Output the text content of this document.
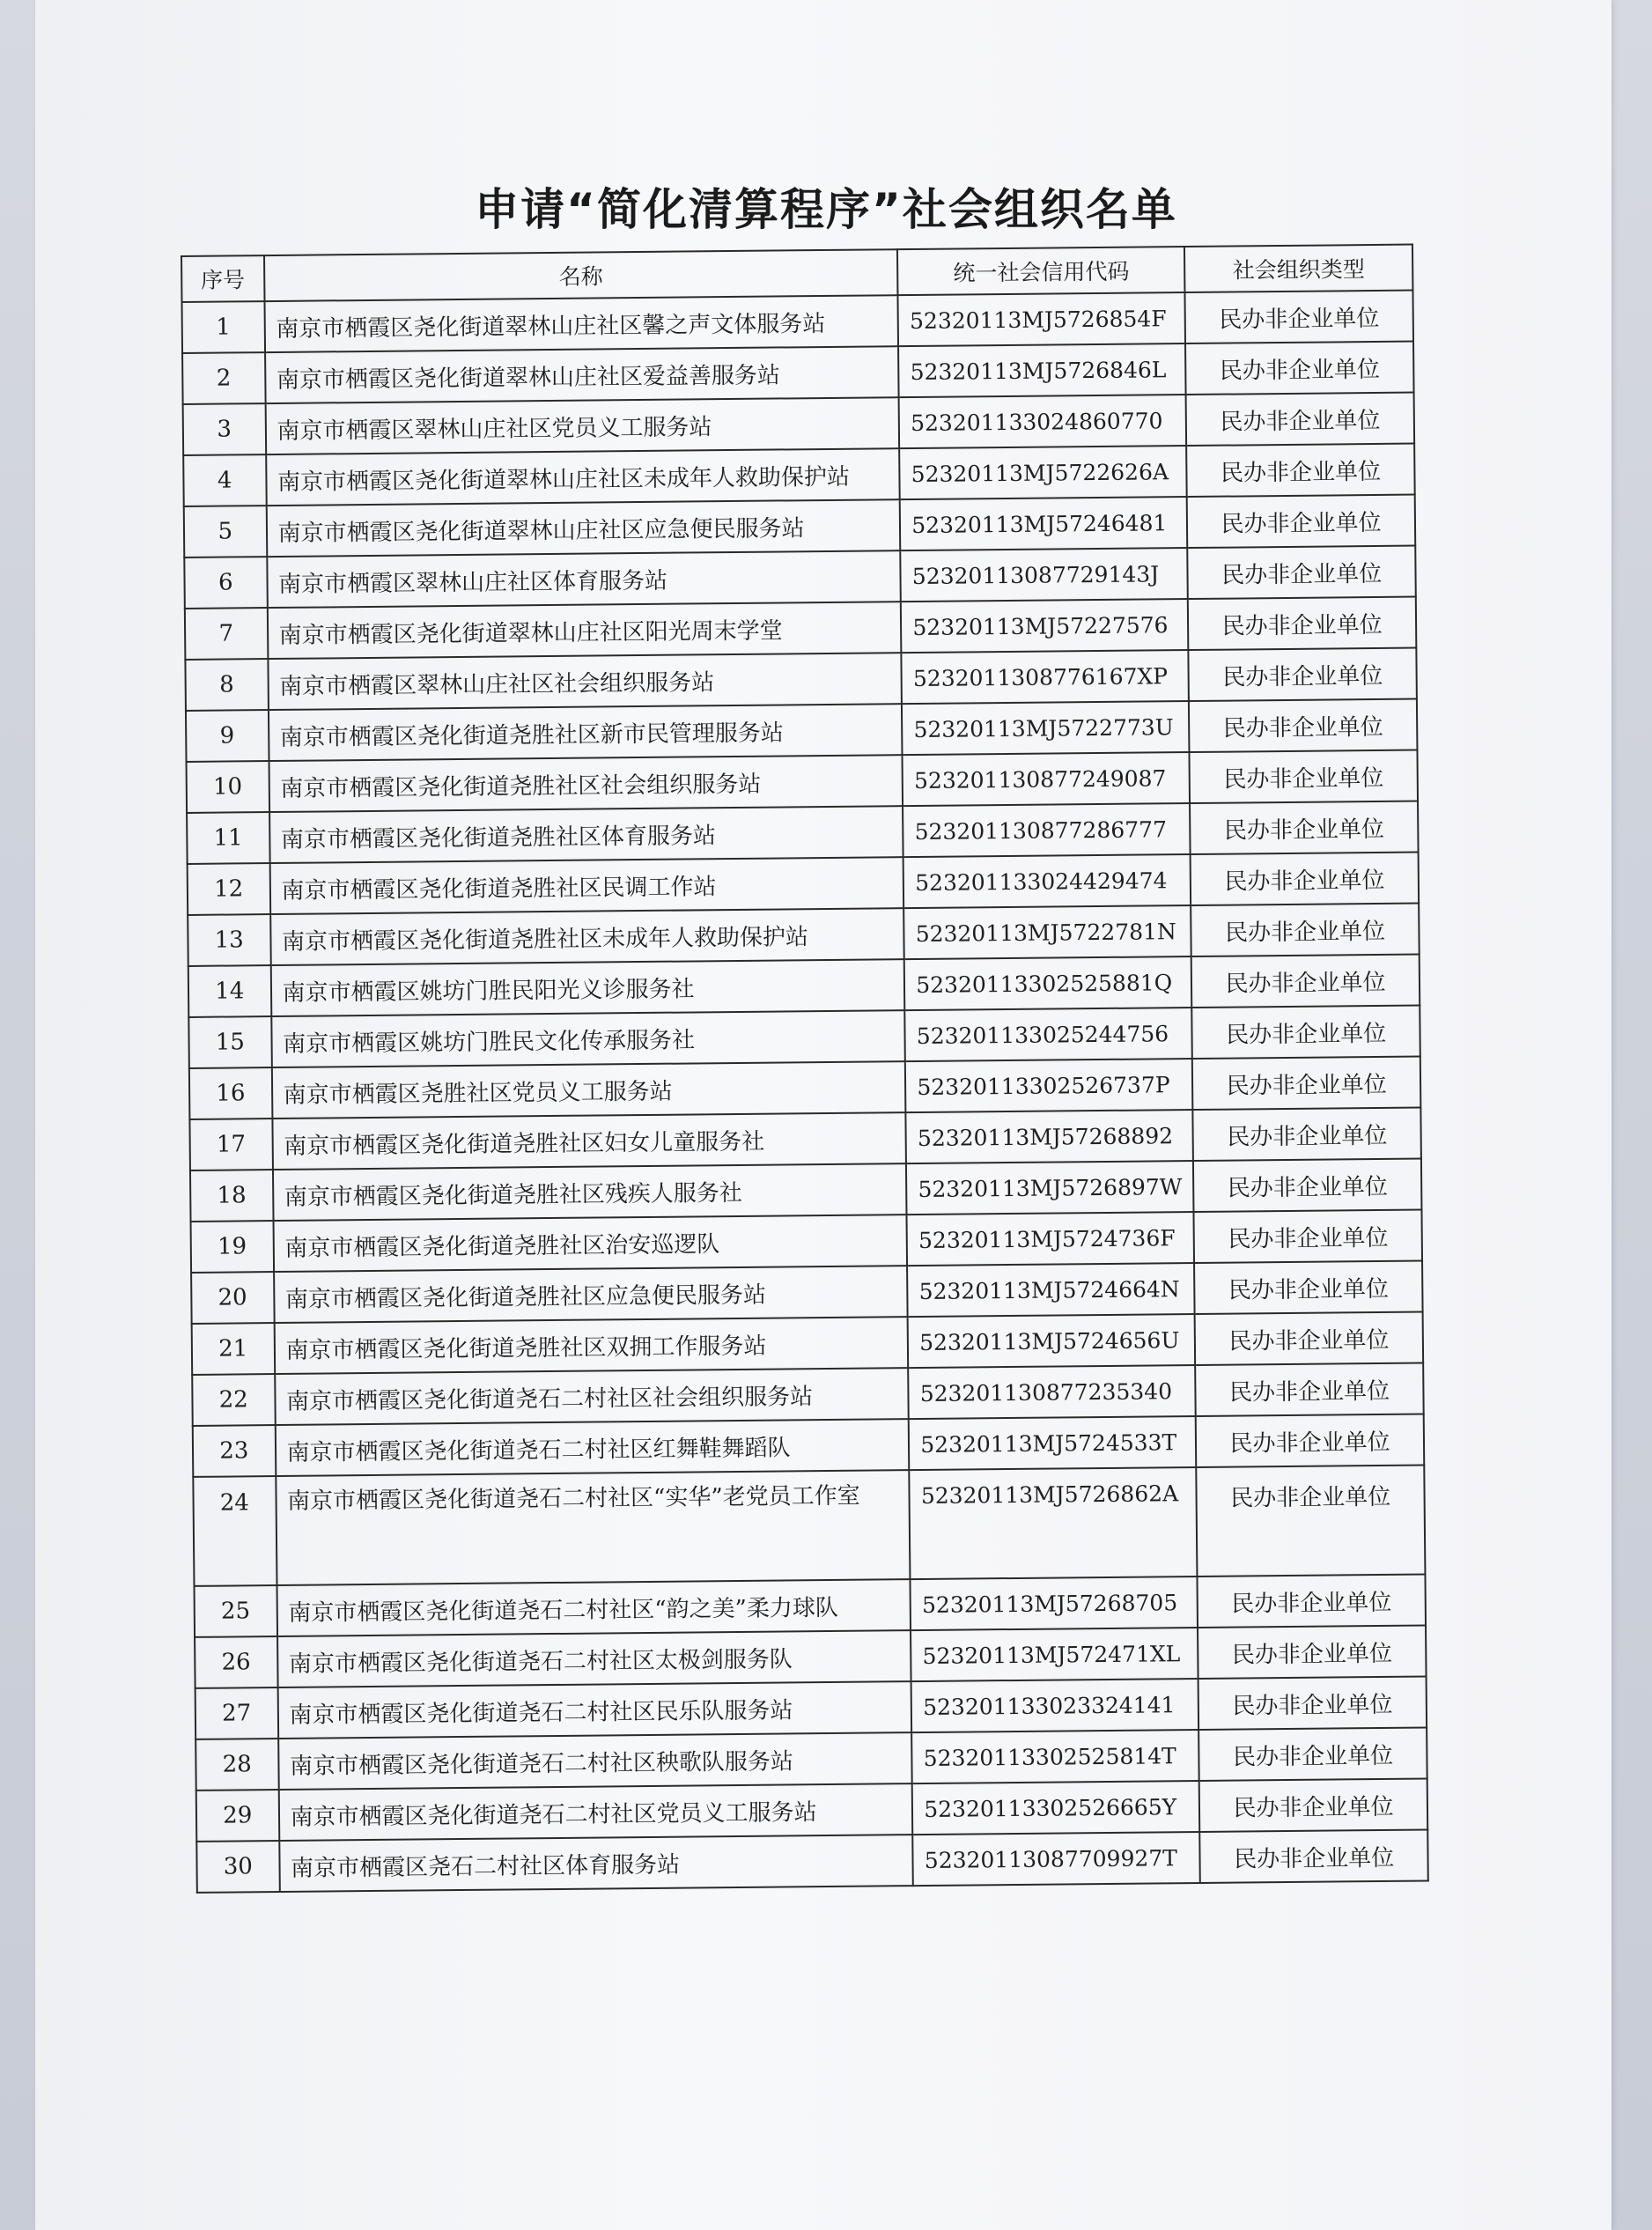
申请“简化清算程序”社会组织名单
序号	名称	统一社会信用代码	社会组织类型
1	南京市栖霞区尧化街道翠林山庄社区馨之声文体服务站	52320113MJ5726854F	民办非企业单位
2	南京市栖霞区尧化街道翠林山庄社区爱益善服务站	52320113MJ5726846L	民办非企业单位
3	南京市栖霞区翠林山庄社区党员义工服务站	523201133024860770	民办非企业单位
4	南京市栖霞区尧化街道翠林山庄社区未成年人救助保护站	52320113MJ5722626A	民办非企业单位
5	南京市栖霞区尧化街道翠林山庄社区应急便民服务站	52320113MJ57246481	民办非企业单位
6	南京市栖霞区翠林山庄社区体育服务站	52320113087729143J	民办非企业单位
7	南京市栖霞区尧化街道翠林山庄社区阳光周末学堂	52320113MJ57227576	民办非企业单位
8	南京市栖霞区翠林山庄社区社会组织服务站	5232011308776167XP	民办非企业单位
9	南京市栖霞区尧化街道尧胜社区新市民管理服务站	52320113MJ5722773U	民办非企业单位
10	南京市栖霞区尧化街道尧胜社区社会组织服务站	523201130877249087	民办非企业单位
11	南京市栖霞区尧化街道尧胜社区体育服务站	523201130877286777	民办非企业单位
12	南京市栖霞区尧化街道尧胜社区民调工作站	523201133024429474	民办非企业单位
13	南京市栖霞区尧化街道尧胜社区未成年人救助保护站	52320113MJ5722781N	民办非企业单位
14	南京市栖霞区姚坊门胜民阳光义诊服务社	52320113302525881Q	民办非企业单位
15	南京市栖霞区姚坊门胜民文化传承服务社	523201133025244756	民办非企业单位
16	南京市栖霞区尧胜社区党员义工服务站	52320113302526737P	民办非企业单位
17	南京市栖霞区尧化街道尧胜社区妇女儿童服务社	52320113MJ57268892	民办非企业单位
18	南京市栖霞区尧化街道尧胜社区残疾人服务社	52320113MJ5726897W	民办非企业单位
19	南京市栖霞区尧化街道尧胜社区治安巡逻队	52320113MJ5724736F	民办非企业单位
20	南京市栖霞区尧化街道尧胜社区应急便民服务站	52320113MJ5724664N	民办非企业单位
21	南京市栖霞区尧化街道尧胜社区双拥工作服务站	52320113MJ5724656U	民办非企业单位
22	南京市栖霞区尧化街道尧石二村社区社会组织服务站	523201130877235340	民办非企业单位
23	南京市栖霞区尧化街道尧石二村社区红舞鞋舞蹈队	52320113MJ5724533T	民办非企业单位
24	南京市栖霞区尧化街道尧石二村社区“实华”老党员工作室	52320113MJ5726862A	民办非企业单位
25	南京市栖霞区尧化街道尧石二村社区“韵之美”柔力球队	52320113MJ57268705	民办非企业单位
26	南京市栖霞区尧化街道尧石二村社区太极剑服务队	52320113MJ572471XL	民办非企业单位
27	南京市栖霞区尧化街道尧石二村社区民乐队服务站	523201133023324141	民办非企业单位
28	南京市栖霞区尧化街道尧石二村社区秧歌队服务站	52320113302525814T	民办非企业单位
29	南京市栖霞区尧化街道尧石二村社区党员义工服务站	52320113302526665Y	民办非企业单位
30	南京市栖霞区尧石二村社区体育服务站	52320113087709927T	民办非企业单位
